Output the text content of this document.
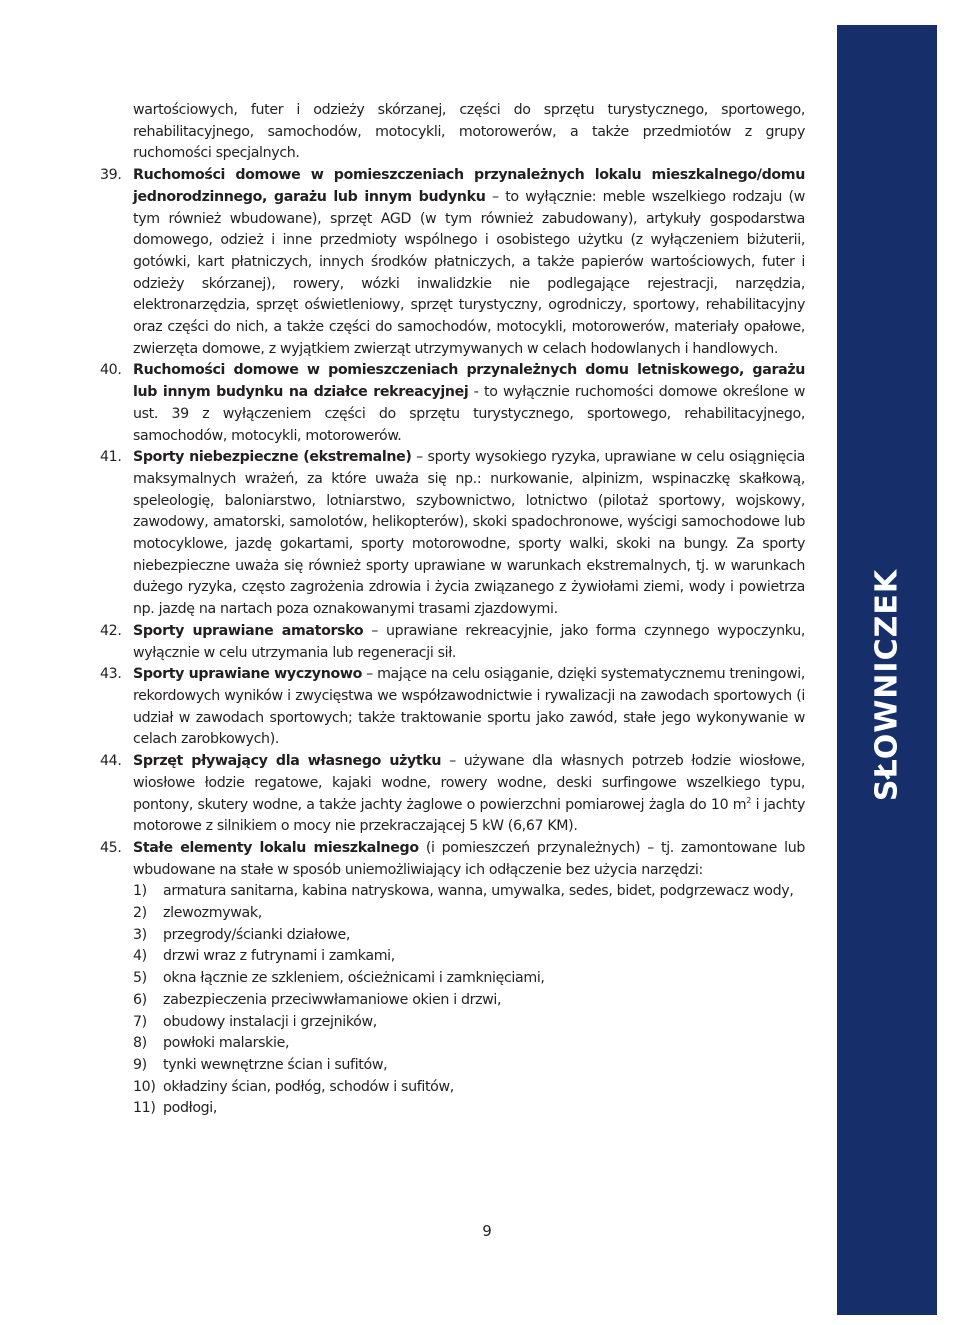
wartościowych, futer i odzieży skórzanej, części do sprzętu turystycznego, sportowego, rehabilitacyjnego, samochodów, motocykli, motorowerów, a także przedmiotów z grupy ruchomości specjalnych.

39. Ruchomości domowe w pomieszczeniach przynależnych lokalu mieszkalnego/domu jednorodzinnego, garażu lub innym budynku – to wyłącznie: meble wszelkiego rodzaju (w tym również wbudowane), sprzęt AGD (w tym również zabudowany), artykuły gospodarstwa domowego, odzież i inne przedmioty wspólnego i osobistego użytku (z wyłączeniem biżuterii, gotówki, kart płatniczych, innych środków płatniczych, a także papierów wartościowych, futer i odzieży skórzanej), rowery, wózki inwalidzkie nie podlegające rejestracji, narzędzia, elektronarzędzia, sprzęt oświetleniowy, sprzęt turystyczny, ogrodniczy, sportowy, rehabilitacyjny oraz części do nich, a także części do samochodów, motocykli, motorowerów, materiały opałowe, zwierzęta domowe, z wyjątkiem zwierząt utrzymywanych w celach hodowlanych i handlowych.
40. Ruchomości domowe w pomieszczeniach przynależnych domu letniskowego, garażu lub innym budynku na działce rekreacyjnej - to wyłącznie ruchomości domowe określone w ust. 39 z wyłączeniem części do sprzętu turystycznego, sportowego, rehabilitacyjnego, samochodów, motocykli, motorowerów.
41. Sporty niebezpieczne (ekstremalne) – sporty wysokiego ryzyka, uprawiane w celu osiągnięcia maksymalnych wrażeń, za które uważa się np.: nurkowanie, alpinizm, wspinaczkę skałkową, speleologię, baloniarstwo, lotniarstwo, szybownictwo, lotnictwo (pilotaż sportowy, wojskowy, zawodowy, amatorski, samolotów, helikopterów), skoki spadochronowe, wyścigi samochodowe lub motocyklowe, jazdę gokartami, sporty motorowodne, sporty walki, skoki na bungy. Za sporty niebezpieczne uważa się również sporty uprawiane w warunkach ekstremalnych, tj. w warunkach dużego ryzyka, często zagrożenia zdrowia i życia związanego z żywiołami ziemi, wody i powietrza np. jazdę na nartach poza oznakowanymi trasami zjazdowymi.
42. Sporty uprawiane amatorsko – uprawiane rekreacyjnie, jako forma czynnego wypoczynku, wyłącznie w celu utrzymania lub regeneracji sił.
43. Sporty uprawiane wyczynowo – mające na celu osiąganie, dzięki systematycznemu treningowi, rekordowych wyników i zwycięstwa we współzawodnictwie i rywalizacji na zawodach sportowych (i udział w zawodach sportowych; także traktowanie sportu jako zawód, stałe jego wykonywanie w celach zarobkowych).
44. Sprzęt pływający dla własnego użytku – używane dla własnych potrzeb łodzie wiosłowe, wiosłowe łodzie regatowe, kajaki wodne, rowery wodne, deski surfingowe wszelkiego typu, pontony, skutery wodne, a także jachty żaglowe o powierzchni pomiarowej żagla do 10 $m^2$ i jachty motorowe z silnikiem o mocy nie przekraczającej 5 kW (6,67 KM).
45. Stałe elementy lokalu mieszkalnego (i pomieszczeń przynależnych) – tj. zamontowane lub wbudowane na stałe w sposób uniemożliwiający ich odłączenie bez użycia narzędzi:
1)	armatura sanitarna, kabina natryskowa, wanna, umywalka, sedes, bidet, podgrzewacz wody,
2)	zlewozmywak,
3)	przegrody/ścianki działowe,
4)	drzwi wraz z futrynami i zamkami,
5)	okna łącznie ze szkleniem, ościeżnicami i zamknięciami,
6)	zabezpieczenia przeciwwłamaniowe okien i drzwi,
7)	obudowy instalacji i grzejników,
8)	powłoki malarskie,
9)	tynki wewnętrzne ścian i sufitów,
10) okładziny ścian, podłóg, schodów i sufitów,
11) podłogi,
SŁOWNICZEK
9
